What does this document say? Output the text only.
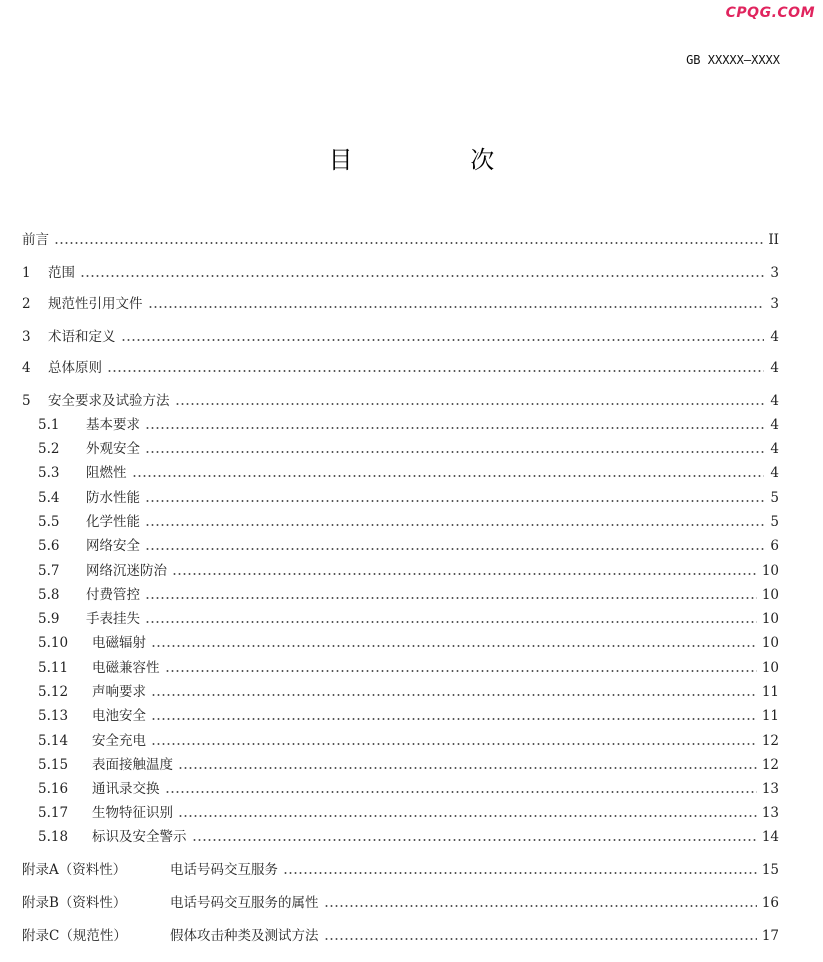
CPQG.COM
GB XXXXX—XXXX
目 次
前言	II
1	范围	3
2	规范性引用文件	3
3	术语和定义	4
4	总体原则	4
5	安全要求及试验方法	4
5.1	基本要求	4
5.2	外观安全	4
5.3	阻燃性	4
5.4	防水性能	5
5.5	化学性能	5
5.6	网络安全	6
5.7	网络沉迷防治	10
5.8	付费管控	10
5.9	手表挂失	10
5.10	电磁辐射	10
5.11	电磁兼容性	10
5.12	声响要求	11
5.13	电池安全	11
5.14	安全充电	12
5.15	表面接触温度	12
5.16	通讯录交换	13
5.17	生物特征识别	13
5.18	标识及安全警示	14
附录A（资料性）	电话号码交互服务	15
附录B（资料性）	电话号码交互服务的属性	16
附录C（规范性）	假体攻击种类及测试方法	17
